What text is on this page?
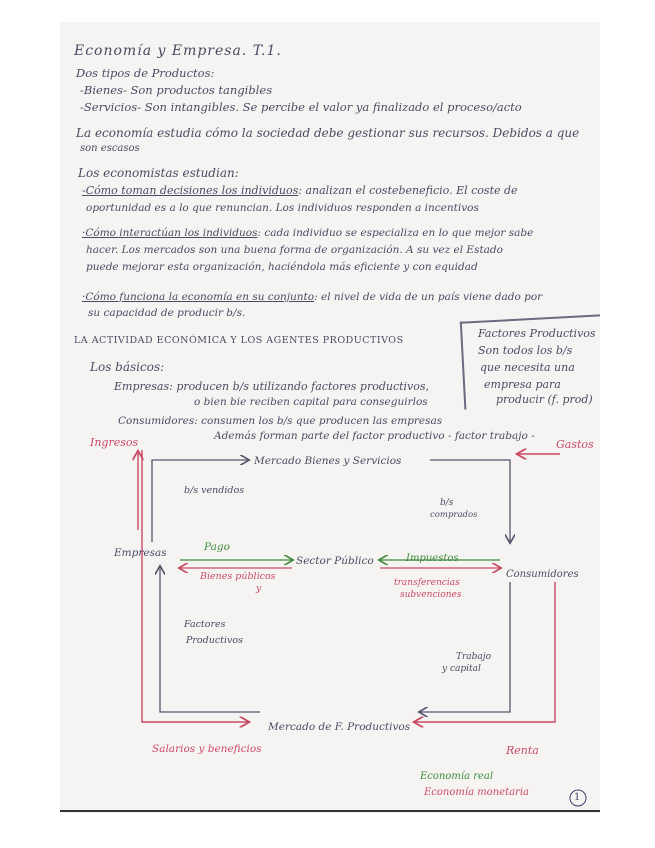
Economía y Empresa. T.1.
Dos tipos de Productos:
-Bienes- Son productos tangibles
-Servicios- Son intangibles. Se percibe el valor ya finalizado el proceso/acto
La economía estudia cómo la sociedad debe gestionar sus recursos. Debidos a que
son escasos
Los economistas estudian:
-Cómo toman decisiones los individuos: analizan el costebeneficio. El coste de
oportunidad es a lo que renuncian. Los individuos responden a incentivos
·Cómo interactúan los individuos: cada individuo se especializa en lo que mejor sabe
hacer. Los mercados son una buena forma de organización. A su vez el Estado
puede mejorar esta organización, haciéndola más eficiente y con equidad
·Cómo funciona la economía en su conjunto: el nivel de vida de un país viene dado por
su capacidad de producir b/s.
LA ACTIVIDAD ECONÓMICA Y LOS AGENTES PRODUCTIVOS
Los básicos:
Empresas: producen b/s utilizando factores productivos,
o bien bie reciben capital para conseguirlos
Consumidores: consumen los b/s que producen las empresas
Además forman parte del factor productivo - factor trabajo -
Factores Productivos
Son todos los b/s
que necesita una
empresa para
producir (f. prod)
Ingresos	Gastos
Mercado Bienes y Servicios
b/s vendidos
b/s
comprados
Empresas	Pago
Sector Público	Impuestos
Consumidores
Bienes públicos
y	transferencias
subvenciones
Factores
Productivos
Trabajo
y capital
Mercado de F. Productivos
Salarios y beneficios	Renta
Economía real
Economía monetaria	1
